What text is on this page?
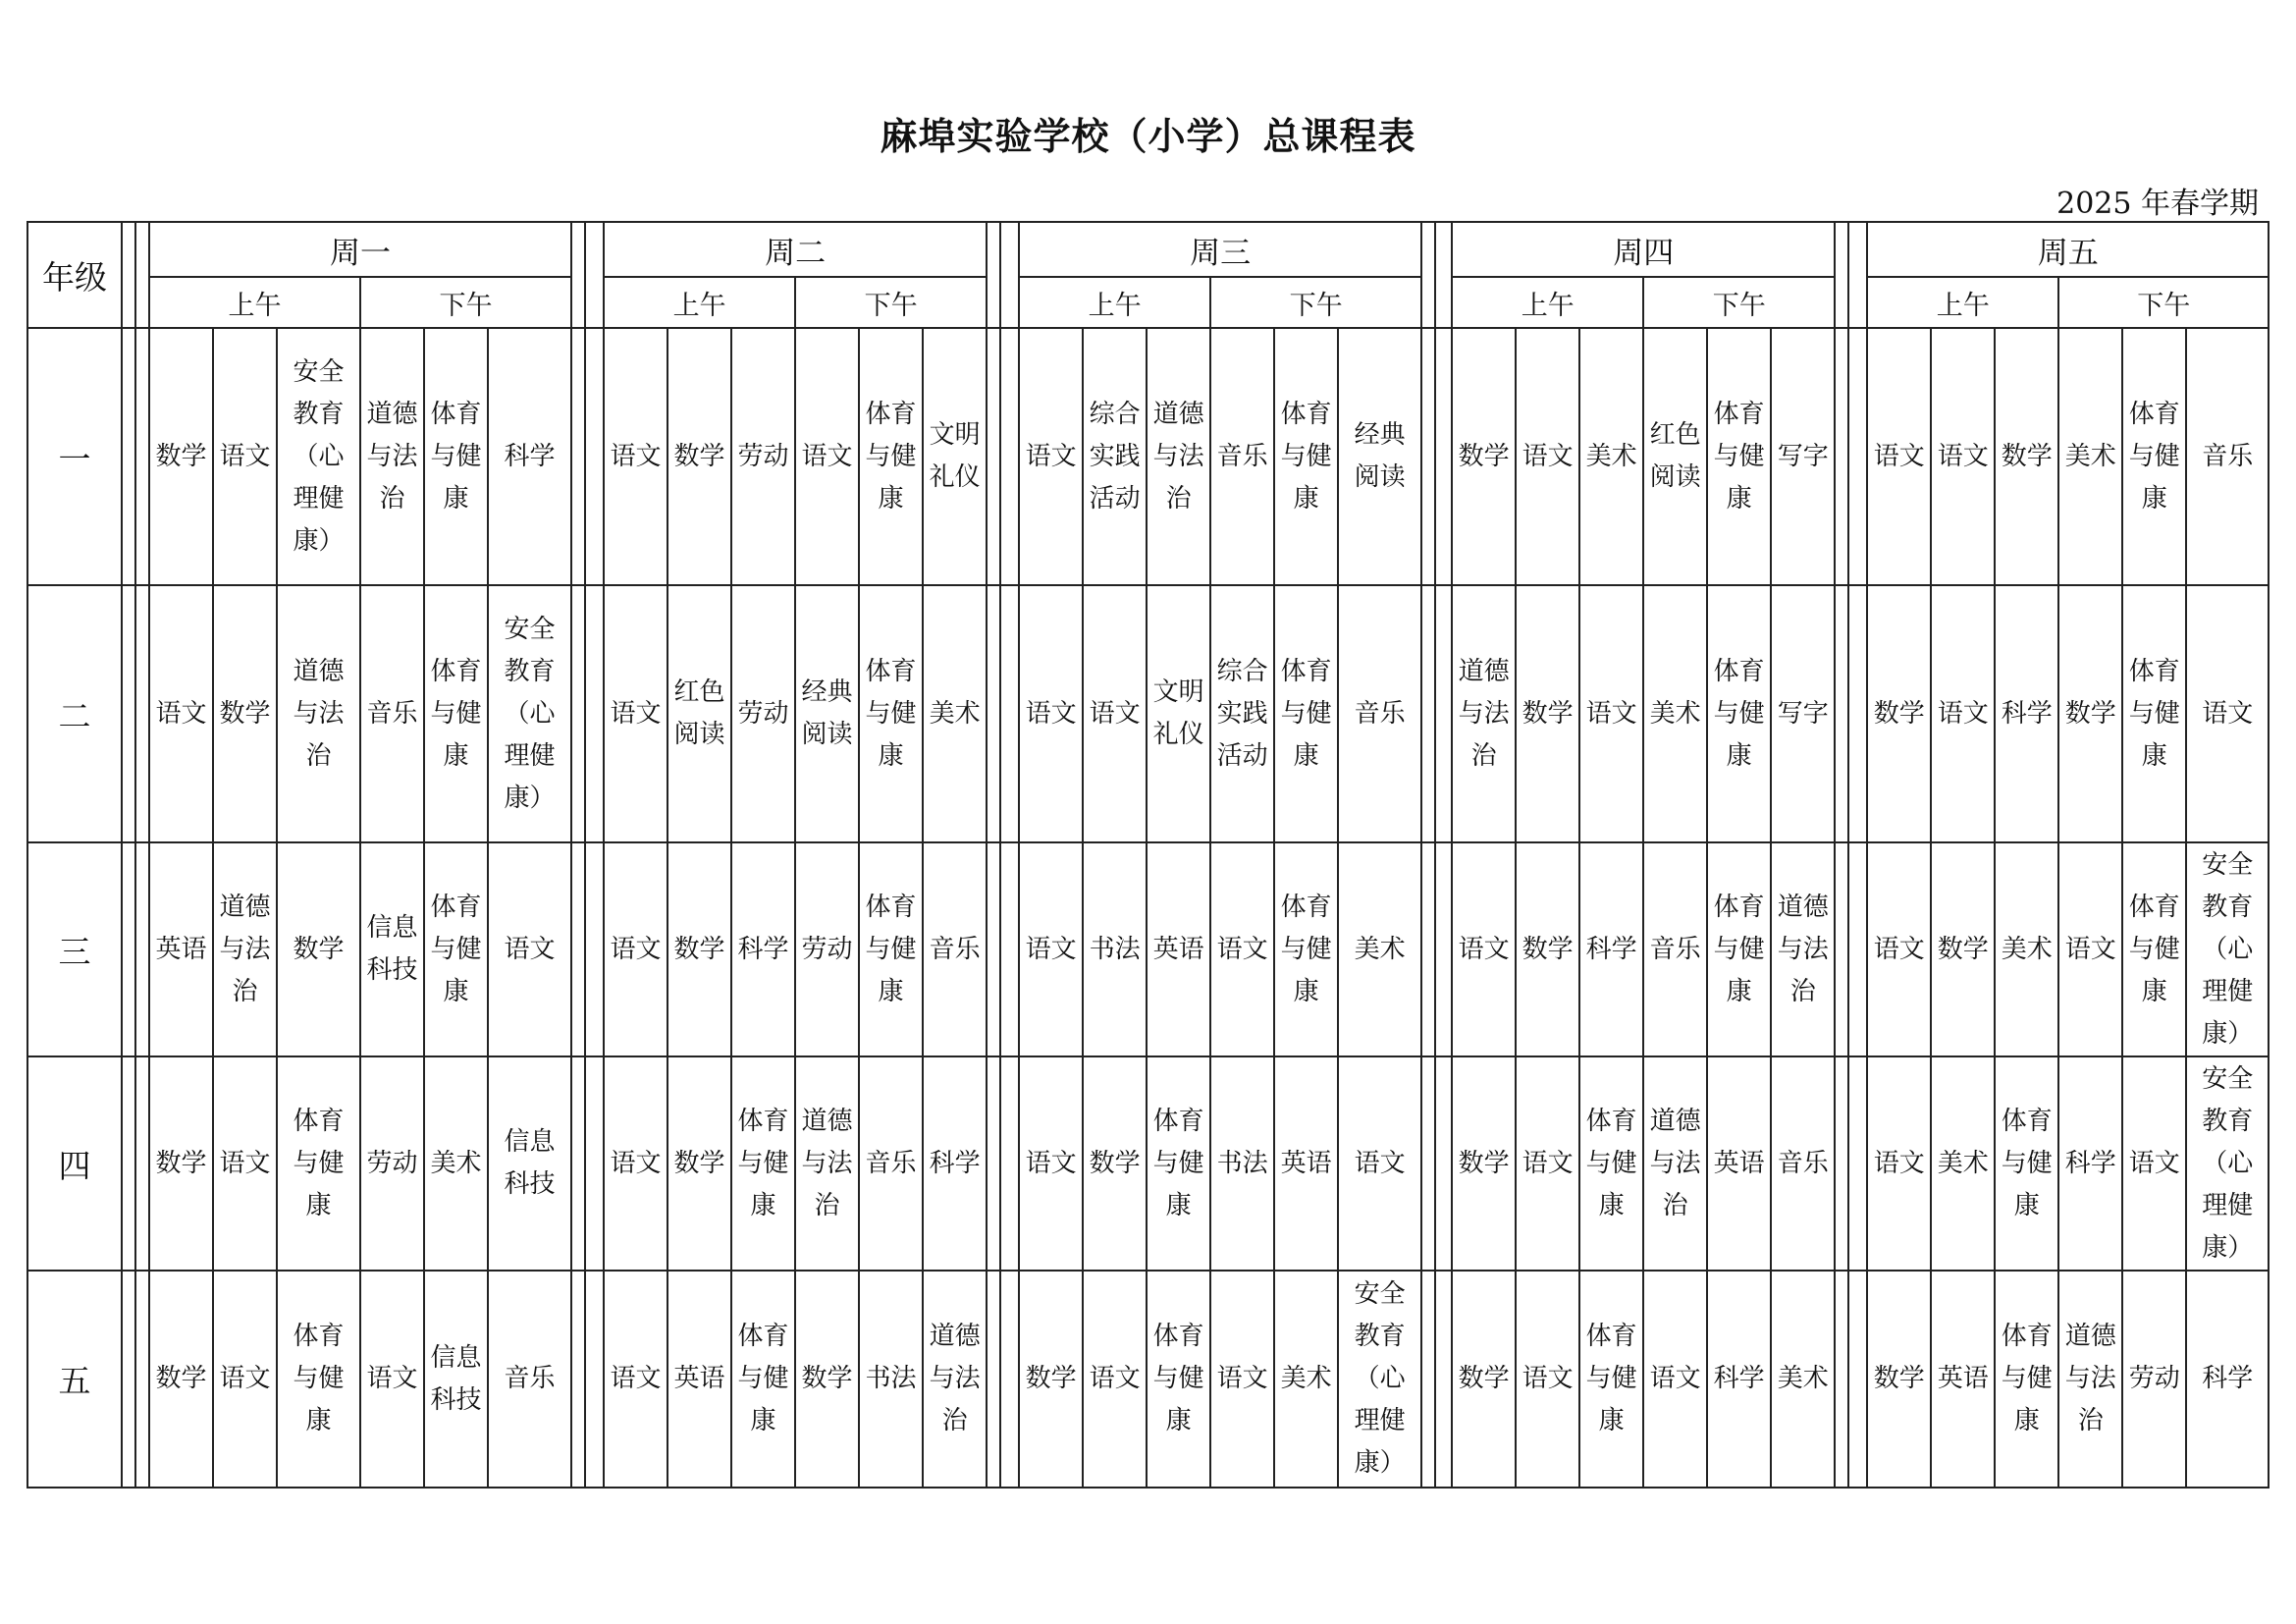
麻埠实验学校（小学）总课程表
2025 年春学期
年级			周一								周二								周三								周四								周五					
			上午			下午					上午			下午					上午			下午					上午			下午					上午			下午		
一			数学	语文	安全教育（心理健康）	道德与法治	体育与健康	科学			语文	数学	劳动	语文	体育与健康	文明礼仪			语文	综合实践活动	道德与法治	音乐	体育与健康	经典阅读			数学	语文	美术	红色阅读	体育与健康	写字			语文	语文	数学	美术	体育与健康	音乐
二			语文	数学	道德与法治	音乐	体育与健康	安全教育（心理健康）			语文	红色阅读	劳动	经典阅读	体育与健康	美术			语文	语文	文明礼仪	综合实践活动	体育与健康	音乐			道德与法治	数学	语文	美术	体育与健康	写字			数学	语文	科学	数学	体育与健康	语文
三			英语	道德与法治	数学	信息科技	体育与健康	语文			语文	数学	科学	劳动	体育与健康	音乐			语文	书法	英语	语文	体育与健康	美术			语文	数学	科学	音乐	体育与健康	道德与法治			语文	数学	美术	语文	体育与健康	安全教育（心理健康）
四			数学	语文	体育与健康	劳动	美术	信息科技			语文	数学	体育与健康	道德与法治	音乐	科学			语文	数学	体育与健康	书法	英语	语文			数学	语文	体育与健康	道德与法治	英语	音乐			语文	美术	体育与健康	科学	语文	安全教育（心理健康）
五			数学	语文	体育与健康	语文	信息科技	音乐			语文	英语	体育与健康	数学	书法	道德与法治			数学	语文	体育与健康	语文	美术	安全教育（心理健康）			数学	语文	体育与健康	语文	科学	美术			数学	英语	体育与健康	道德与法治	劳动	科学
